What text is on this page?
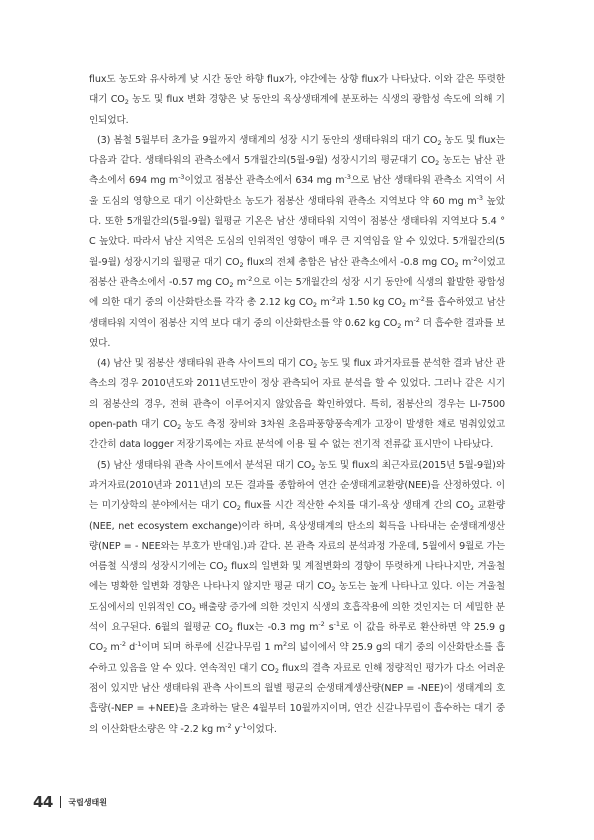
flux도 농도와 유사하게 낮 시간 동안 하향 flux가, 야간에는 상향 flux가 나타났다. 이와 같은 뚜렷한 대기 $CO_2$ 농도 및 flux 변화 경향은 낮 동안의 육상생태계에 분포하는 식생의 광합성 속도에 의해 기인되었다.

(3) 봄철 5월부터 초가을 9월까지 생태계의 성장 시기 동안의 생태타워의 대기 $CO_2$ 농도 및 flux는 다음과 같다. 생태타워의 관측소에서 5개월간의(5월-9월) 성장시기의 평균대기 $CO_2$ 농도는 남산 관측소에서 694 mg $m^{-3}$이었고 점봉산 관측소에서 634 mg $m^{-3}$으로 남산 생태타워 관측소 지역이 서울 도심의 영향으로 대기 이산화탄소 농도가 점봉산 생태타워 관측소 지역보다 약 60 mg $m^{-3}$ 높았다. 또한 5개월간의(5월-9월) 월평균 기온은 남산 생태타워 지역이 점봉산 생태타워 지역보다 5.4 ° C 높았다. 따라서 남산 지역은 도심의 인위적인 영향이 매우 큰 지역임을 알 수 있었다. 5개월간의(5월-9월) 성장시기의 월평균 대기 $CO_2$ flux의 전체 총합은 남산 관측소에서 -0.8 mg $CO_2$ $m^{-2}$이었고 점봉산 관측소에서 -0.57 mg $CO_2$ $m^{-2}$으로 이는 5개월간의 성장 시기 동안에 식생의 활발한 광합성에 의한 대기 중의 이산화탄소를 각각 총 2.12 kg $CO_2$ $m^{-2}$과 1.50 kg $CO_2$ $m^{-2}$를 흡수하였고 남산 생태타워 지역이 점봉산 지역 보다 대기 중의 이산화탄소를 약 0.62 kg $CO_2$ $m^{-2}$ 더 흡수한 결과를 보였다.

(4) 남산 및 점봉산 생태타워 관측 사이트의 대기 $CO_2$ 농도 및 flux 과거자료를 분석한 결과 남산 관측소의 경우 2010년도와 2011년도만이 정상 관측되어 자료 분석을 할 수 있었다. 그러나 같은 시기의 점봉산의 경우, 전혀 관측이 이루어지지 않았음을 확인하였다. 특히, 점봉산의 경우는 LI-7500 open-path 대기 $CO_2$ 농도 측정 장비와 3차원 초음파풍향풍속계가 고장이 발생한 채로 멈춰있었고 간간히 data logger 저장기록에는 자료 분석에 이용 될 수 없는 전기적 전류값 표시만이 나타났다.

(5) 남산 생태타워 관측 사이트에서 분석된 대기 $CO_2$ 농도 및 flux의 최근자료(2015년 5월-9월)와 과거자료(2010년과 2011년)의 모든 결과를 종합하여 연간 순생태계교환량(NEE)을 산정하였다. 이는 미기상학의 분야에서는 대기 $CO_2$ flux를 시간 적산한 수치를 대기-육상 생태계 간의 $CO_2$ 교환량(NEE, net ecosystem exchange)이라 하며, 육상생태계의 탄소의 획득을 나타내는 순생태계생산량(NEP = - NEE와는 부호가 반대임.)과 같다. 본 관측 자료의 분석과정 가운데, 5월에서 9월로 가는 여름철 식생의 성장시기에는 $CO_2$ flux의 일변화 및 계절변화의 경향이 뚜렷하게 나타나지만, 겨울철에는 명확한 일변화 경향은 나타나지 않지만 평균 대기 $CO_2$ 농도는 높게 나타나고 있다. 이는 겨울철 도심에서의 인위적인 $CO_2$ 배출량 증가에 의한 것인지 식생의 호흡작용에 의한 것인지는 더 세밀한 분석이 요구된다. 6월의 월평균 $CO_2$ flux는 -0.3 mg $m^{-2}$ $s^{-1}$로 이 값을 하루로 환산하면 약 25.9 g $CO_2$ $m^{-2}$ $d^{-1}$이며 되며 하루에 신갈나무림 1 $m^2$의 넓이에서 약 25.9 g의 대기 중의 이산화탄소를 흡수하고 있음을 알 수 있다. 연속적인 대기 $CO_2$ flux의 결측 자료로 인해 정량적인 평가가 다소 어려운 점이 있지만 남산 생태타워 관측 사이트의 월별 평균의 순생태계생산량(NEP = -NEE)이 생태계의 호흡량(-NEP = +NEE)을 초과하는 달은 4월부터 10월까지이며, 연간 신갈나무림이 흡수하는 대기 중의 이산화탄소량은 약 -2.2 kg $m^{-2}$ $y^{-1}$이었다.

44 국립생태원
